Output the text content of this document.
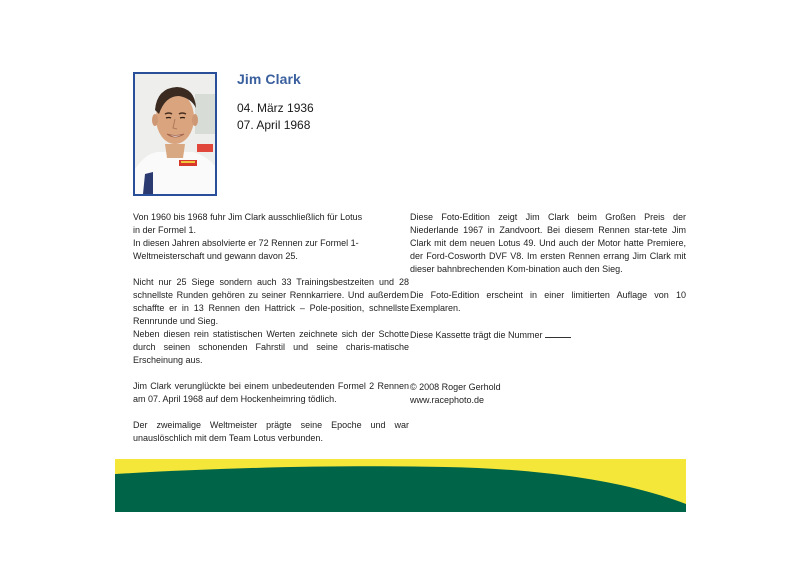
Jim Clark
04. März 1936
07. April 1968

Von 1960 bis 1968 fuhr Jim Clark ausschließlich für Lotus

in der Formel 1.

In diesen Jahren absolvierte er 72 Rennen zur Formel 1-

Weltmeisterschaft und gewann davon 25.

Nicht nur 25 Siege sondern auch 33 Trainingsbestzeiten und 28 schnellste Runden gehören zu seiner Rennkarriere. Und außerdem schaffte er in 13 Rennen den Hattrick – Pole-position, schnellste Rennrunde und Sieg.

Neben diesen rein statistischen Werten zeichnete sich der Schotte durch seinen schonenden Fahrstil und seine charis-matische Erscheinung aus.

Jim Clark verunglückte bei einem unbedeutenden Formel 2 Rennen am 07. April 1968 auf dem Hockenheimring tödlich.

Der zweimalige Weltmeister prägte seine Epoche und war unauslöschlich mit dem Team Lotus verbunden.

Diese Foto-Edition zeigt Jim Clark beim Großen Preis der Niederlande 1967 in Zandvoort. Bei diesem Rennen star-tete Jim Clark mit dem neuen Lotus 49. Und auch der Motor hatte Premiere, der Ford-Cosworth DVF V8. Im ersten Rennen errang Jim Clark mit dieser bahnbrechenden Kom-bination auch den Sieg.

Die Foto-Edition erscheint in einer limitierten Auflage von 10 Exemplaren.

Diese Kassette trägt die Nummer

© 2008 Roger Gerhold

www.racephoto.de
